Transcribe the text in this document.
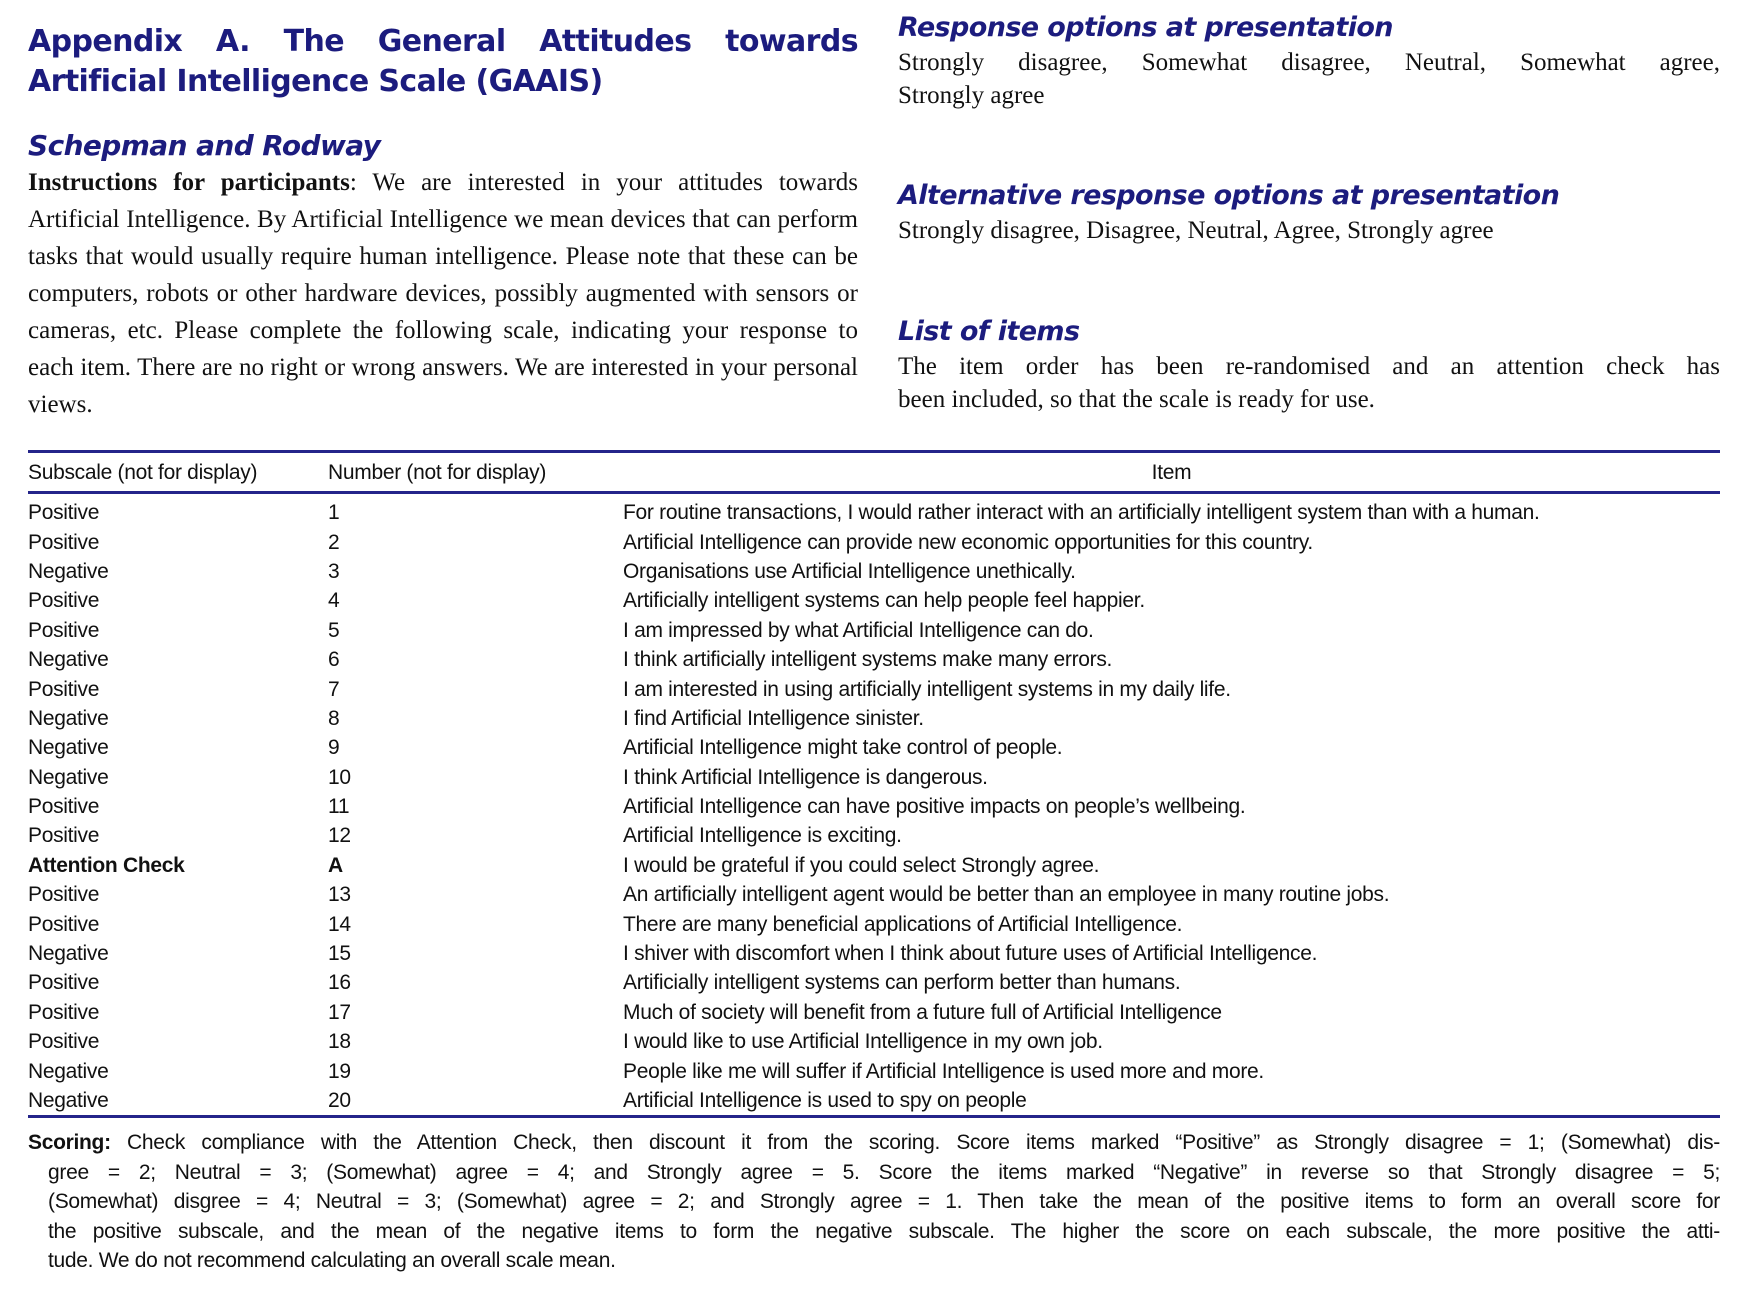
Appendix A. The General Attitudes towards
Artificial Intelligence Scale (GAAIS)
Schepman and Rodway

Instructions for participants: We are interested in your attitudes towards Artificial Intelligence. By Artificial Intelligence we mean devices that can perform tasks that would usually require human intelligence. Please note that these can be computers, robots or other hardware devices, possibly augmented with sensors or cameras, etc. Please complete the following scale, indicating your response to each item. There are no right or wrong answers. We are interested in your personal views.

Response options at presentation
Strongly disagree, Somewhat disagree, Neutral, Somewhat agree,
Strongly agree
Alternative response options at presentation
Strongly disagree, Disagree, Neutral, Agree, Strongly agree
List of items
The item order has been re-randomised and an attention check has
been included, so that the scale is ready for use.
Subscale (not for display)	Number (not for display)	Item
Positive	1	For routine transactions, I would rather interact with an artificially intelligent system than with a human.
Positive	2	Artificial Intelligence can provide new economic opportunities for this country.
Negative	3	Organisations use Artificial Intelligence unethically.
Positive	4	Artificially intelligent systems can help people feel happier.
Positive	5	I am impressed by what Artificial Intelligence can do.
Negative	6	I think artificially intelligent systems make many errors.
Positive	7	I am interested in using artificially intelligent systems in my daily life.
Negative	8	I find Artificial Intelligence sinister.
Negative	9	Artificial Intelligence might take control of people.
Negative	10	I think Artificial Intelligence is dangerous.
Positive	11	Artificial Intelligence can have positive impacts on people’s wellbeing.
Positive	12	Artificial Intelligence is exciting.
Attention Check	A	I would be grateful if you could select Strongly agree.
Positive	13	An artificially intelligent agent would be better than an employee in many routine jobs.
Positive	14	There are many beneficial applications of Artificial Intelligence.
Negative	15	I shiver with discomfort when I think about future uses of Artificial Intelligence.
Positive	16	Artificially intelligent systems can perform better than humans.
Positive	17	Much of society will benefit from a future full of Artificial Intelligence
Positive	18	I would like to use Artificial Intelligence in my own job.
Negative	19	People like me will suffer if Artificial Intelligence is used more and more.
Negative	20	Artificial Intelligence is used to spy on people
Scoring: Check compliance with the Attention Check, then discount it from the scoring. Score items marked “Positive” as Strongly disagree = 1; (Somewhat) dis-
gree = 2; Neutral = 3; (Somewhat) agree = 4; and Strongly agree = 5. Score the items marked “Negative” in reverse so that Strongly disagree = 5;
(Somewhat) disgree = 4; Neutral = 3; (Somewhat) agree = 2; and Strongly agree = 1. Then take the mean of the positive items to form an overall score for
the positive subscale, and the mean of the negative items to form the negative subscale. The higher the score on each subscale, the more positive the atti-
tude. We do not recommend calculating an overall scale mean.
